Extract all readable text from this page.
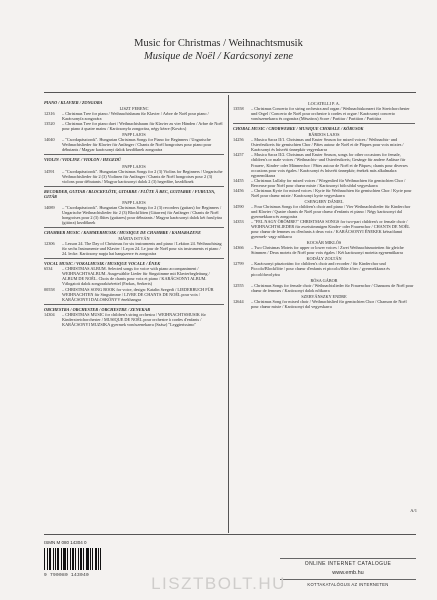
Music for Christmas / Weihnachtsmusik
Musique de Noël / Karácsonyi zene
PIANO / KLAVIER / ZONGORA
LISZT FERENC
12316	– Christmas Tree for piano / Weihnachtsbaum für Klavier / Arbre de Noël pour piano / Karácsonyfa zongorára
13520	– Christmas Tree for piano duet / Weihnachtsbaum für Klavier zu vier Händen / Arbre de Noël pour piano à quatre mains / Karácsonyfa zongorára, négy kézre (Kovács)
PAPP LAJOS
14040	– "Csordapásztorok". Hungarian Christmas Songs for Piano for Beginners / Ungarische Weihnachtslieder für Klavier für Anfänger / Chants de Noël hongroises pour piano pour débutants / Magyar karácsonyi dalok kezdőknek zongorára
VIOLIN / VIOLINE / VIOLON / HEGEDŰ
PAPP LAJOS
14591	– "Csordapásztorok". Hungarian Christmas Songs for 2 (3) Violins for Beginners / Ungarische Weihnachtslieder für 2 (3) Violinen für Anfänger / Chants de Noël hongroises pour 2 (3) violons pour débutants / Magyar karácsonyi dalok 2 (3) hegedűre, kezdőknek
RECORDER, GUITAR / BLOCKFLÖTE, GITARRE / FLÛTE À BEC, GUITARRE / FURULYA, GITÁR
PAPP LAJOS
14089	– "Csordapásztorok". Hungarian Christmas Songs for 2 (3) recorders (guitars) for Beginners / Ungarische Weihnachtslieder für 2 (3) Blockflöten (Gitarren) für Anfänger / Chants de Noël hongroises pour 2 (3) flûtes (guitares) pour débutants / Magyar karácsonyi dalok két furulyára (gitárra) kezdőknek
CHAMBER MUSIC / KAMMERMUSIK / MUSIQUE DE CHAMBRE / KAMARAZENE
MÁRTA ISTVÁN
12306	– Lesson 24. The Day of Christmas for six instruments and piano / Lektion 24. Weihnachtstag für sechs Instrumente und Klavier / Leçon 24. Le jour de Noël pour six instruments et piano / 24. lecke. Karácsony napja hat hangszerre és zongorára
VOCAL MUSIC / VOKALMUSIK / MUSIQUE VOCALE / ÉNEK
6534	– CHRISTMAS ALBUM. Selected songs for voice with piano accompaniment / WEIHNACHTSALBUM. Ausgewählte Lieder für Singstimme mit Klavierbegleitung / ALBUM DE NOËL. Choix de chants pour voix et piano / KARÁCSONYI ALBUM. Válogatott dalok zongorakísérettel (Farkas, Serkerts)
00558	– CHRISTMAS SONG BOOK for voice, design: Katalin Szegedi / LIEDERBUCH FÜR WEIHNACHTEN für Singstimme / LIVRE DE CHANTS DE NOËL pour voix / KARÁCSONYI DALOSKÖNYV énekhangra
ORCHESTRA / ORCHESTER / ORCHESTRE / ZENEKAR
14304	– CHRISTMAS MUSIC for children's string orchestra / WEIHNACHTSMUSIK für Kinderstreichorchester / MUSIQUE DE NOËL pour orchestre à cordes d'enfants / KARÁCSONYI MUZSIKA gyermek vonószenekarra (Szász) "Leggierissimo"
LOCATELLI P. A.
13558	– Christmas Concerto for string orchestra and organ / Weihnachtskonzert für Streichorchester und Orgel / Concerto de Noël pour orchestre à cordes et orgue / Karácsonyi concerto vonószenekarra és orgonára (Mészáros) Score / Partitur / Partition / Partitúra
CHORAL MUSIC / CHORWERKE / MUSIQUE CHORALE / KÓRUSOK
BÁRDOS LAJOS
14256	– Musica Sacra II/1. Christmas and Easter Season for mixed voices / Weihnachts- und Osterfestkreis für gemischten Chor / Pâtes autour de Noël et de Pâques pour voix mixtes / Karácsonyi és húsvéti ünnepkör vegyeskarra
14257	– Musica Sacra II/2. Christmas and Easter Season, songs for other occasions for female, children's or male voices / Weihnachts- und Osterfestkreis; Gesänge für andere Anlässe für Frauen-, Kinder- oder Männerchor / Pâtes autour de Noël et de Pâques; chants pour diverses occasions pour voix égales / Karácsonyi és húsvéti ünnepkör; énekek más alkalmakra egyneműkarra
14455	– Christmas Lullaby for mixed voices / Wiegenlied für Weihnachten für gemischten Chor / Berceuse pour Noël pour chœur mixte / Karácsonyi bölcsődal vegyeskarra
14456	– Christmas Kyrie for mixed voices / Kyrie für Weihnachten für gemischten Chor / Kyrie pour Noël pour chœur mixte / Karácsonyi kyrie vegyeskarra
CSENGERY DÁNIEL
14590	– Four Christmas Songs for children's choir and piano / Vier Weihnachtslieder für Kinderchor und Klavier / Quatre chants de Noël pour chœur d'enfants et piano / Négy karácsonyi dal gyermekkarra és zongorára
14353	– "FEL NAGY ÖRÖMRE!" CHRISTMAS SONGS for two-part children's or female choir / WEIHNACHTSLIEDER für zweistimmigen Kinder- oder Frauenchor / CHANTS DE NOËL pour chœur de femmes ou d'enfants à deux voix / KARÁCSONYI ÉNEKEK kétszólamú gyermek- vagy nőikarra
KOCSÁR MIKLÓS
14366	– Two Christmas Motets for upper or lower voices / Zwei Weihnachtsmotetten für gleiche Stimmen / Deux motets de Noël pour voix égales / Két karácsonyi motetta egyneműkarra
KODÁLY ZOLTÁN
12799	– Karácsonyi pásztortánc for children's choir and recorder / für Kinderchor und Piccolo/Blockflöte / pour chœur d'enfants et piccolo/flûte à bec / gyermekkarra és piccolófuvolyára
RÓSA GÁBOR
12555	– Christmas Songs for female choir / Weihnachtslieder für Frauenchor / Chansons de Noël pour chœur de femmes / Karácsonyi dalok nőikarra
SZERVÁNSZKY ENDRE
12644	– Christmas Song for mixed choir / Weihnachtslied für gemischten Chor / Chanson de Noël pour chœur mixte / Karácsonyi dal vegyeskarra
A/1
ISMN M 080 14304 0
9 790080 143040
ONLINE INTERNET CATALOGUE
www.emb.hu
KOTTAKATALÓGUS AZ INTERNETEN
LISZTBOLT.HU
